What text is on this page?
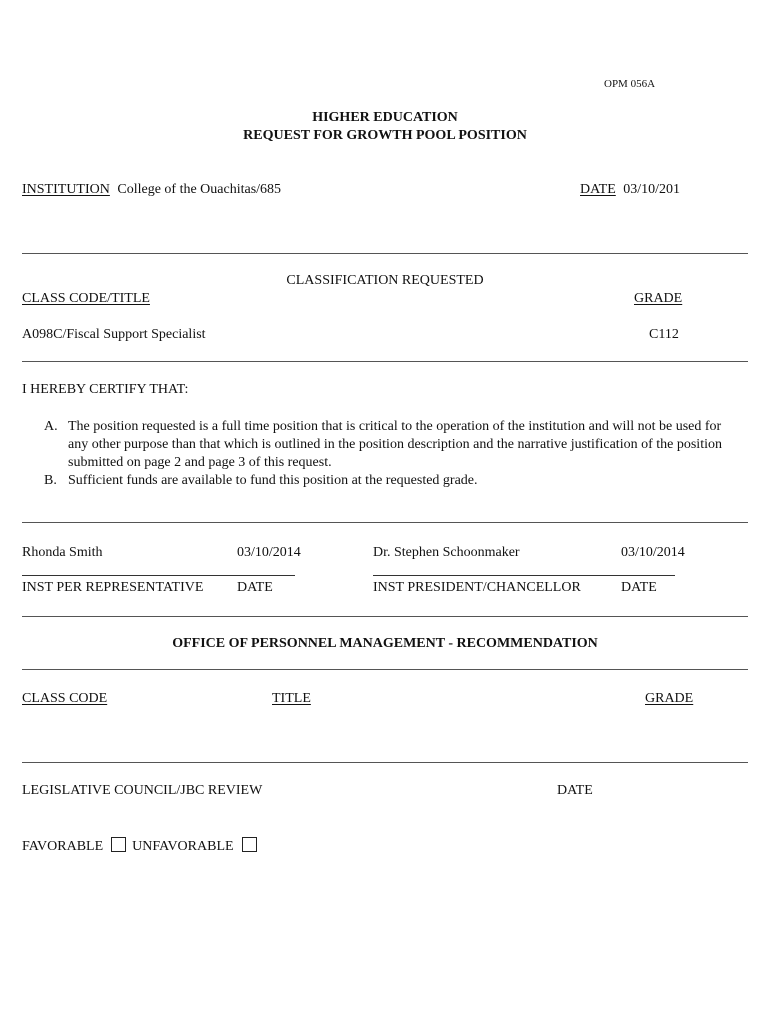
OPM 056A
HIGHER EDUCATION
REQUEST FOR GROWTH POOL POSITION
INSTITUTION College of the Ouachitas/685	DATE 03/10/201
CLASSIFICATION REQUESTED
CLASS CODE/TITLE	GRADE
A098C/Fiscal Support Specialist	C112
I HEREBY CERTIFY THAT:
A. The position requested is a full time position that is critical to the operation of the institution and will not be used for any other purpose than that which is outlined in the position description and the narrative justification of the position submitted on page 2 and page 3 of this request.
B. Sufficient funds are available to fund this position at the requested grade.
Rhonda Smith	03/10/2014	Dr. Stephen Schoonmaker	03/10/2014
INST PER REPRESENTATIVE DATE	INST PRESIDENT/CHANCELLOR	DATE
OFFICE OF PERSONNEL MANAGEMENT - RECOMMENDATION
CLASS CODE	TITLE	GRADE
LEGISLATIVE COUNCIL/JBC REVIEW	DATE
FAVORABLE UNFAVORABLE
